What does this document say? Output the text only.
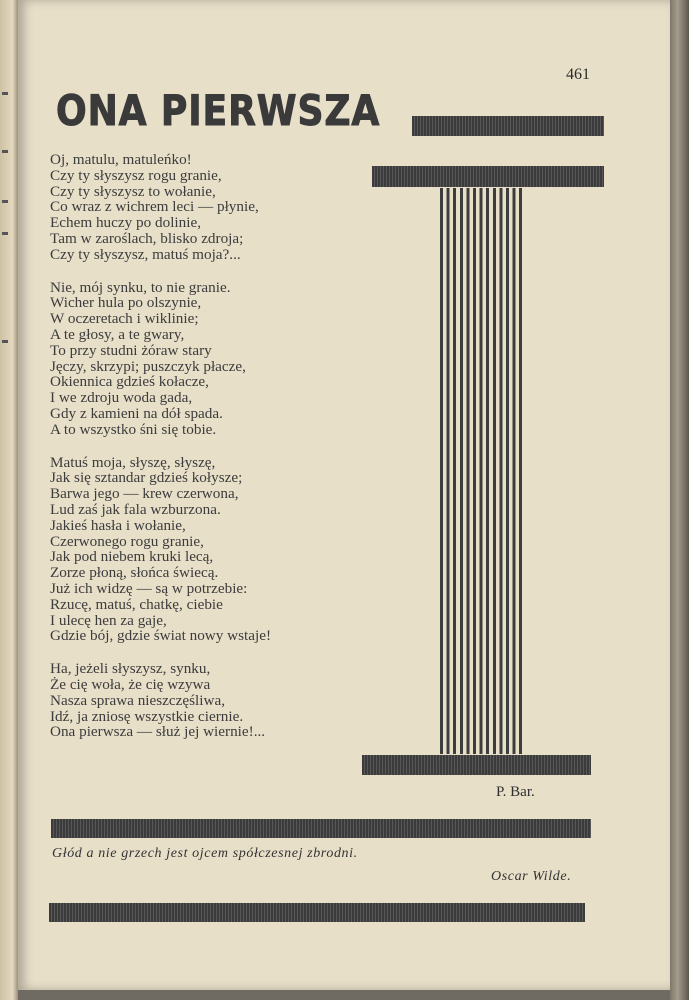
461
ONA PIERWSZA

Oj, matulu, matuleńko!
Czy ty słyszysz rogu granie,
Czy ty słyszysz to wołanie,
Co wraz z wichrem leci — płynie,
Echem huczy po dolinie,
Tam w zaroślach, blisko zdroja;
Czy ty słyszysz, matuś moja?...

Nie, mój synku, to nie granie.
Wicher hula po olszynie,
W oczeretach i wiklinie;
A te głosy, a te gwary,
To przy studni żóraw stary
Jęczy, skrzypi; puszczyk płacze,
Okiennica gdzieś kołacze,
I we zdroju woda gada,
Gdy z kamieni na dół spada.
A to wszystko śni się tobie.

Matuś moja, słyszę, słyszę,
Jak się sztandar gdzieś kołysze;
Barwa jego — krew czerwona,
Lud zaś jak fala wzburzona.
Jakieś hasła i wołanie,
Czerwonego rogu granie,
Jak pod niebem kruki lecą,
Zorze płoną, słońca świecą.
Już ich widzę — są w potrzebie:
Rzucę, matuś, chatkę, ciebie
I ulecę hen za gaje,
Gdzie bój, gdzie świat nowy wstaje!

Ha, jeżeli słyszysz, synku,
Że cię woła, że cię wzywa
Nasza sprawa nieszczęśliwa,
Idź, ja zniosę wszystkie ciernie.
Ona pierwsza — służ jej wiernie!...

P. Bar.
Głód a nie grzech jest ojcem spółczesnej zbrodni.
Oscar Wilde.
